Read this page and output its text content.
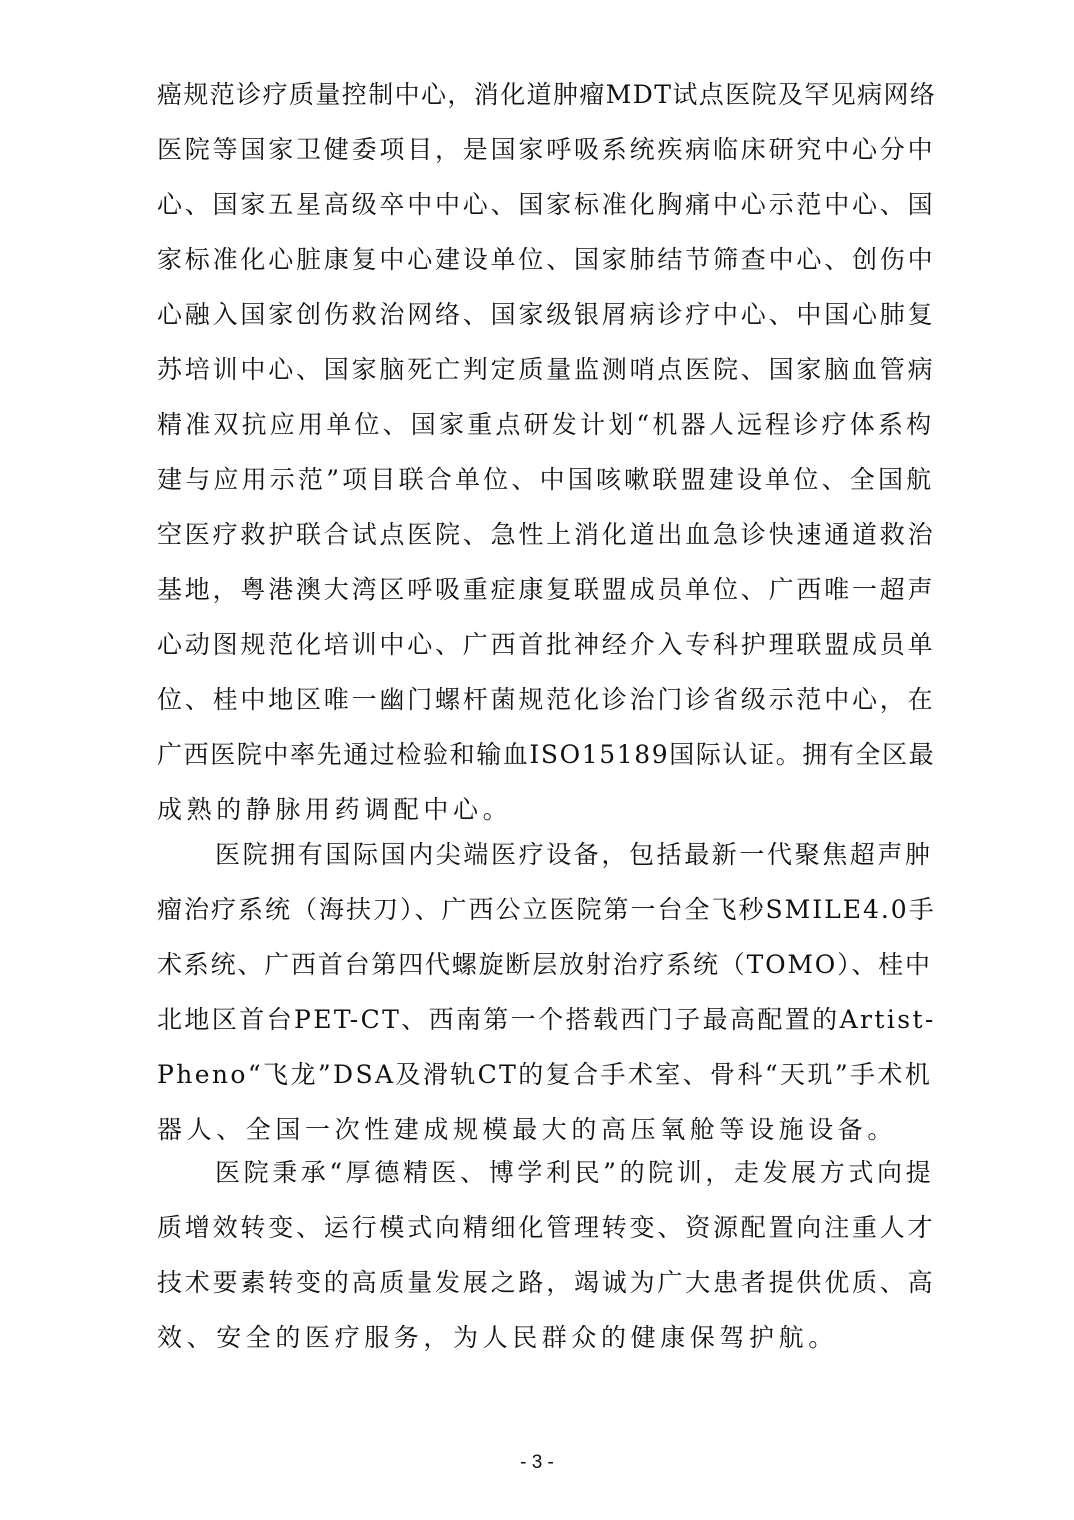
癌规范诊疗质量控制中心，消化道肿瘤MDT试点医院及罕见病网络
医院等国家卫健委项目，是国家呼吸系统疾病临床研究中心分中
心、国家五星高级卒中中心、国家标准化胸痛中心示范中心、国
家标准化心脏康复中心建设单位、国家肺结节筛查中心、创伤中
心融入国家创伤救治网络、国家级银屑病诊疗中心、中国心肺复
苏培训中心、国家脑死亡判定质量监测哨点医院、国家脑血管病
精准双抗应用单位、国家重点研发计划“机器人远程诊疗体系构
建与应用示范”项目联合单位、中国咳嗽联盟建设单位、全国航
空医疗救护联合试点医院、急性上消化道出血急诊快速通道救治
基地，粤港澳大湾区呼吸重症康复联盟成员单位、广西唯一超声
心动图规范化培训中心、广西首批神经介入专科护理联盟成员单
位、桂中地区唯一幽门螺杆菌规范化诊治门诊省级示范中心，在
广西医院中率先通过检验和输血ISO15189国际认证。拥有全区最
成熟的静脉用药调配中心。
医院拥有国际国内尖端医疗设备，包括最新一代聚焦超声肿
瘤治疗系统（海扶刀）、广西公立医院第一台全飞秒SMILE4.0手
术系统、广西首台第四代螺旋断层放射治疗系统（TOMO）、桂中
北地区首台PET-CT、西南第一个搭载西门子最高配置的Artist-
Pheno“飞龙”DSA及滑轨CT的复合手术室、骨科“天玑”手术机
器人、全国一次性建成规模最大的高压氧舱等设施设备。
医院秉承“厚德精医、博学利民”的院训，走发展方式向提
质增效转变、运行模式向精细化管理转变、资源配置向注重人才
技术要素转变的高质量发展之路，竭诚为广大患者提供优质、高
效、安全的医疗服务，为人民群众的健康保驾护航。
- 3 -
